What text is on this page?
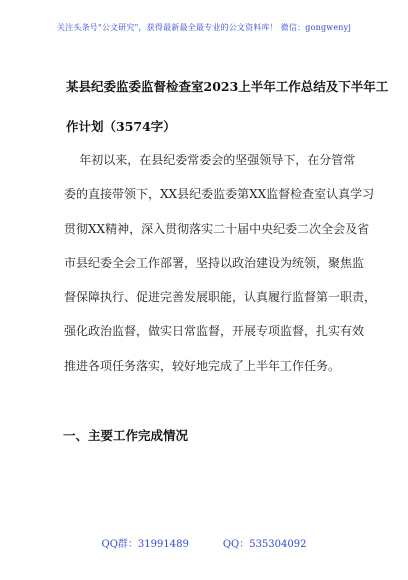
关注头条号"公文研究"，获得最新最全最专业的公文资料库！ 微信：gongwenyj
某县纪委监委监督检查室2023上半年工作总结及下半年工
作计划（3574字）
年初以来，在县纪委常委会的坚强领导下，在分管常
委的直接带领下，XX县纪委监委第XX监督检查室认真学习
贯彻XX精神，深入贯彻落实二十届中央纪委二次全会及省
市县纪委全会工作部署，坚持以政治建设为统领，聚焦监
督保障执行、促进完善发展职能，认真履行监督第一职责，
强化政治监督，做实日常监督，开展专项监督，扎实有效
推进各项任务落实，较好地完成了上半年工作任务。
一、主要工作完成情况
QQ群：31991489	QQ：535304092
